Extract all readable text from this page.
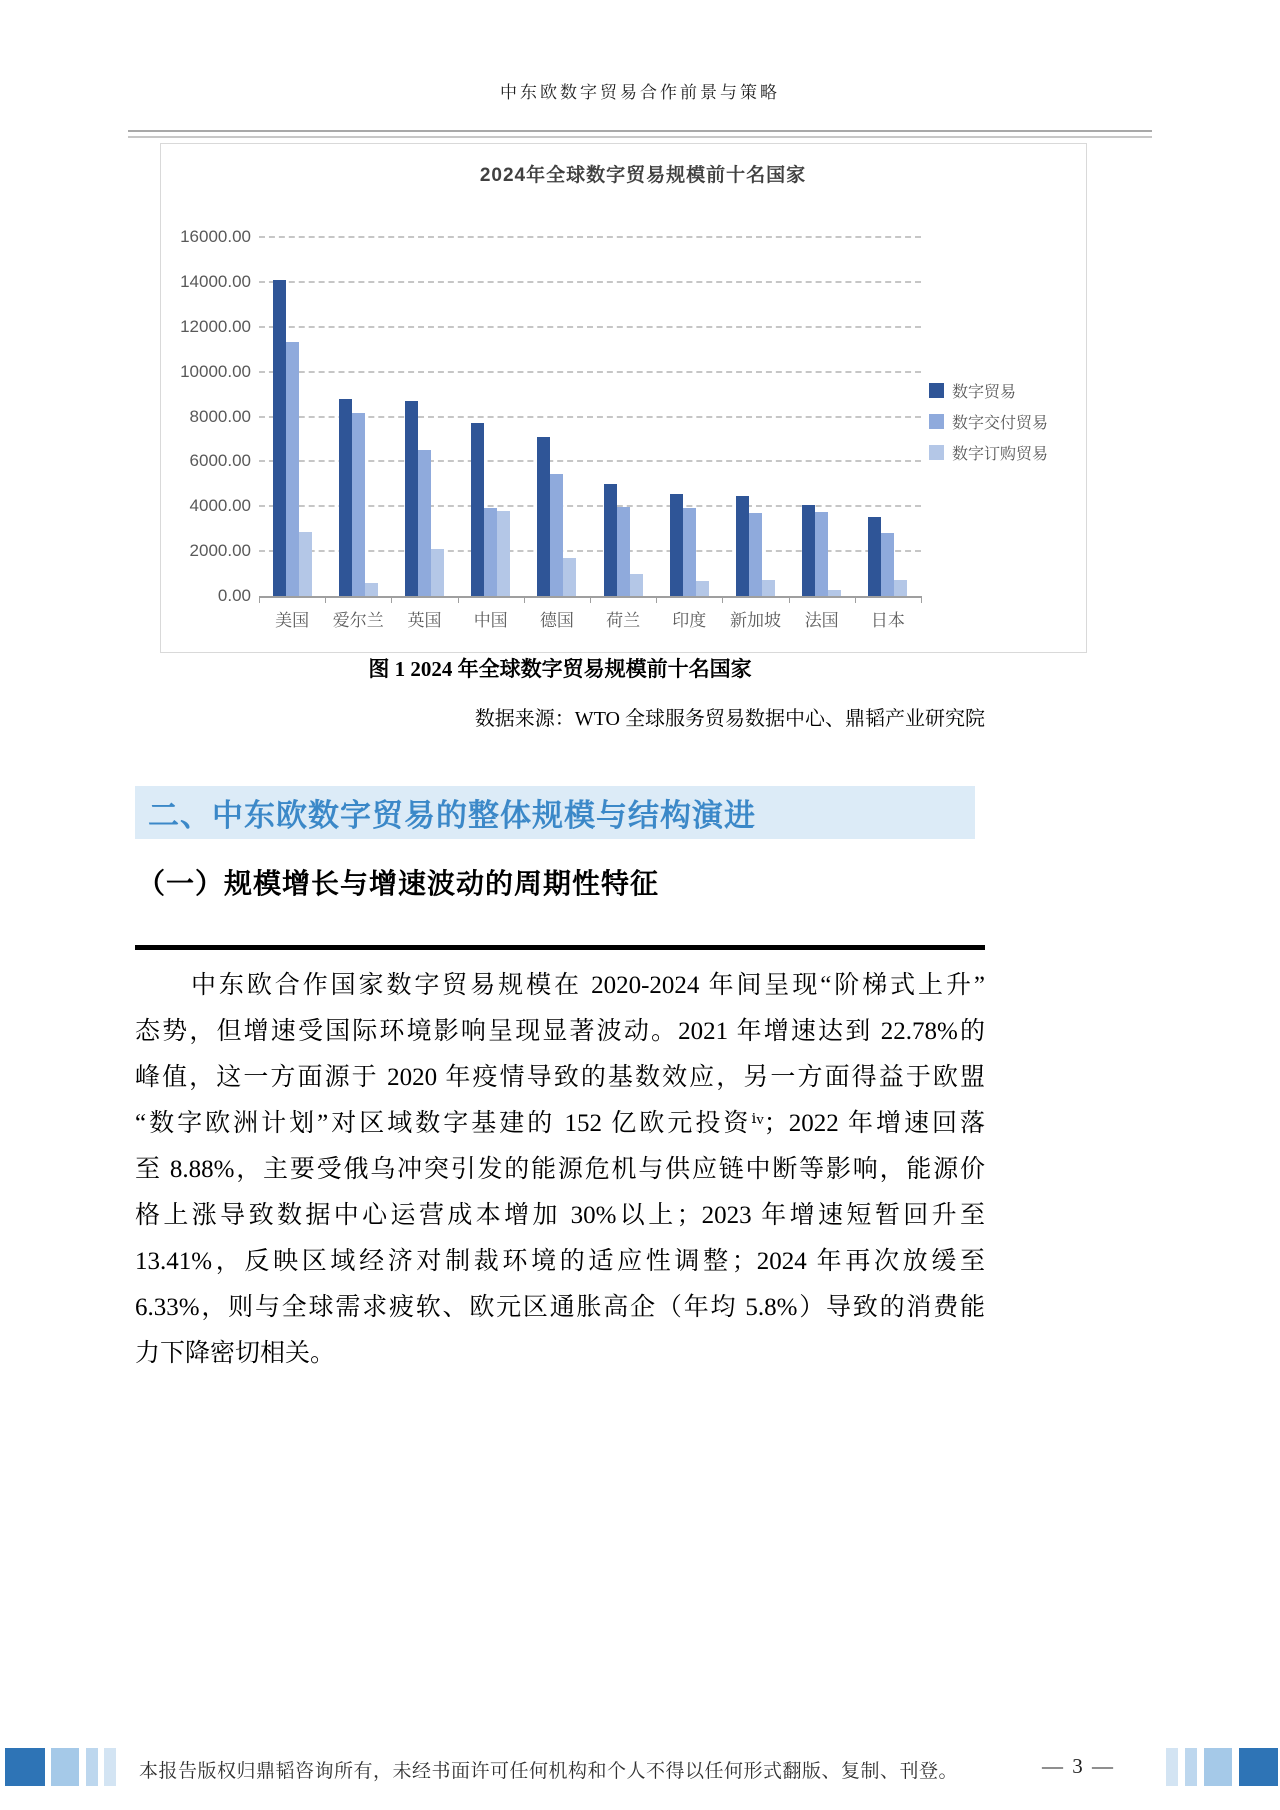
中东欧数字贸易合作前景与策略
2024年全球数字贸易规模前十名国家
0.00
2000.00
4000.00
6000.00
8000.00
10000.00
12000.00
14000.00
16000.00
美国	爱尔兰	英国	中国	德国	荷兰	印度	新加坡	法国	日本
数字贸易
数字交付贸易
数字订购贸易
图 1 2024 年全球数字贸易规模前十名国家
数据来源：WTO 全球服务贸易数据中心、鼎韬产业研究院
二、中东欧数字贸易的整体规模与结构演进
（一）规模增长与增速波动的周期性特征
中东欧合作国家数字贸易规模在 2020-2024 年间呈现“阶梯式上升”
态势，但增速受国际环境影响呈现显著波动。2021 年增速达到 22.78%的
峰值，这一方面源于 2020 年疫情导致的基数效应，另一方面得益于欧盟
“数字欧洲计划”对区域数字基建的 152 亿欧元投资ⁱᵛ；2022 年增速回落
至 8.88%，主要受俄乌冲突引发的能源危机与供应链中断等影响，能源价
格上涨导致数据中心运营成本增加 30%以上；2023 年增速短暂回升至
13.41%，反映区域经济对制裁环境的适应性调整；2024 年再次放缓至
6.33%，则与全球需求疲软、欧元区通胀高企（年均 5.8%）导致的消费能
力下降密切相关。
本报告版权归鼎韬咨询所有，未经书面许可任何机构和个人不得以任何形式翻版、复制、刊登。	— 3 —
